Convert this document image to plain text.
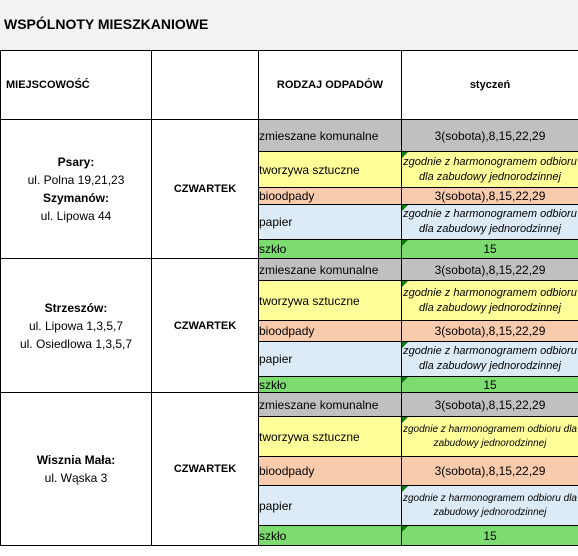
WSPÓLNOTY MIESZKANIOWE
MIEJSCOWOŚĆ		RODZAJ ODPADÓW	styczeń

Psary:
ul. Polna 19,21,23
Szymanów:
ul. Lipowa 44	CZWARTEK	zmieszane komunalne	3(sobota),8,15,22,29
		tworzywa sztuczne	zgodnie z harmonogramem odbioru dla zabudowy jednorodzinnej
		bioodpady	3(sobota),8,15,22,29
		papier	zgodnie z harmonogramem odbioru dla zabudowy jednorodzinnej
		szkło	15

Strzeszów:
ul. Lipowa 1,3,5,7
ul. Osiedlowa 1,3,5,7	CZWARTEK	zmieszane komunalne	3(sobota),8,15,22,29
		tworzywa sztuczne	zgodnie z harmonogramem odbioru dla zabudowy jednorodzinnej
		bioodpady	3(sobota),8,15,22,29
		papier	zgodnie z harmonogramem odbioru dla zabudowy jednorodzinnej
		szkło	15

Wisznia Mała:
ul. Wąska 3	CZWARTEK	zmieszane komunalne	3(sobota),8,15,22,29
		tworzywa sztuczne	zgodnie z harmonogramem odbioru dla zabudowy jednorodzinnej
		bioodpady	3(sobota),8,15,22,29
		papier	zgodnie z harmonogramem odbioru dla zabudowy jednorodzinnej
		szkło	15
